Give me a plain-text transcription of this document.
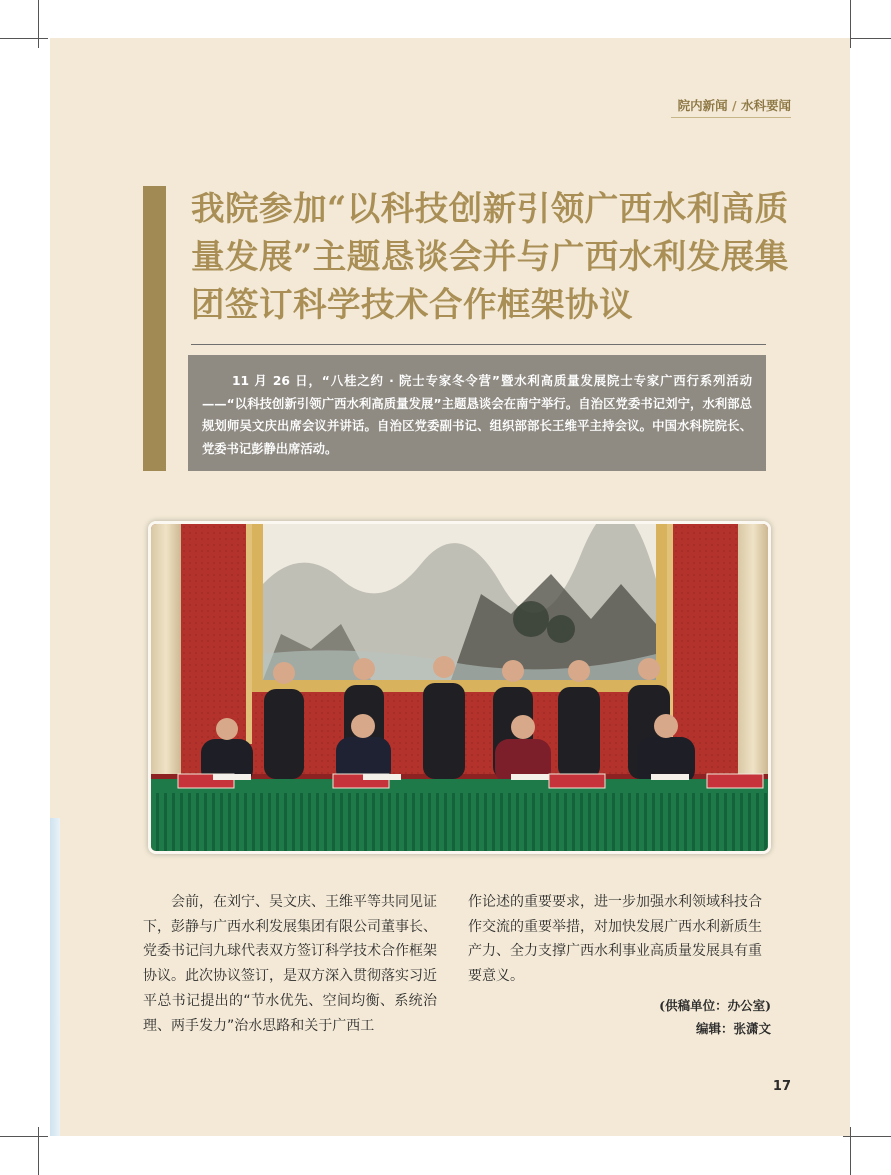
院内新闻 / 水科要闻
我院参加“以科技创新引领广西水利高质量发展”主题恳谈会并与广西水利发展集团签订科学技术合作框架协议
11 月 26 日，“八桂之约 · 院士专家冬令营”暨水利高质量发展院士专家广西行系列活动——“以科技创新引领广西水利高质量发展”主题恳谈会在南宁举行。自治区党委书记刘宁，水利部总规划师吴文庆出席会议并讲话。自治区党委副书记、组织部部长王维平主持会议。中国水科院院长、党委书记彭静出席活动。

会前，在刘宁、吴文庆、王维平等共同见证下，彭静与广西水利发展集团有限公司董事长、党委书记闫九球代表双方签订科学技术合作框架协议。此次协议签订，是双方深入贯彻落实习近平总书记提出的“节水优先、空间均衡、系统治理、两手发力”治水思路和关于广西工

作论述的重要要求，进一步加强水利领域科技合作交流的重要举措，对加快发展广西水利新质生产力、全力支撑广西水利事业高质量发展具有重要意义。

(供稿单位：办公室)
编辑：张潇文
17
